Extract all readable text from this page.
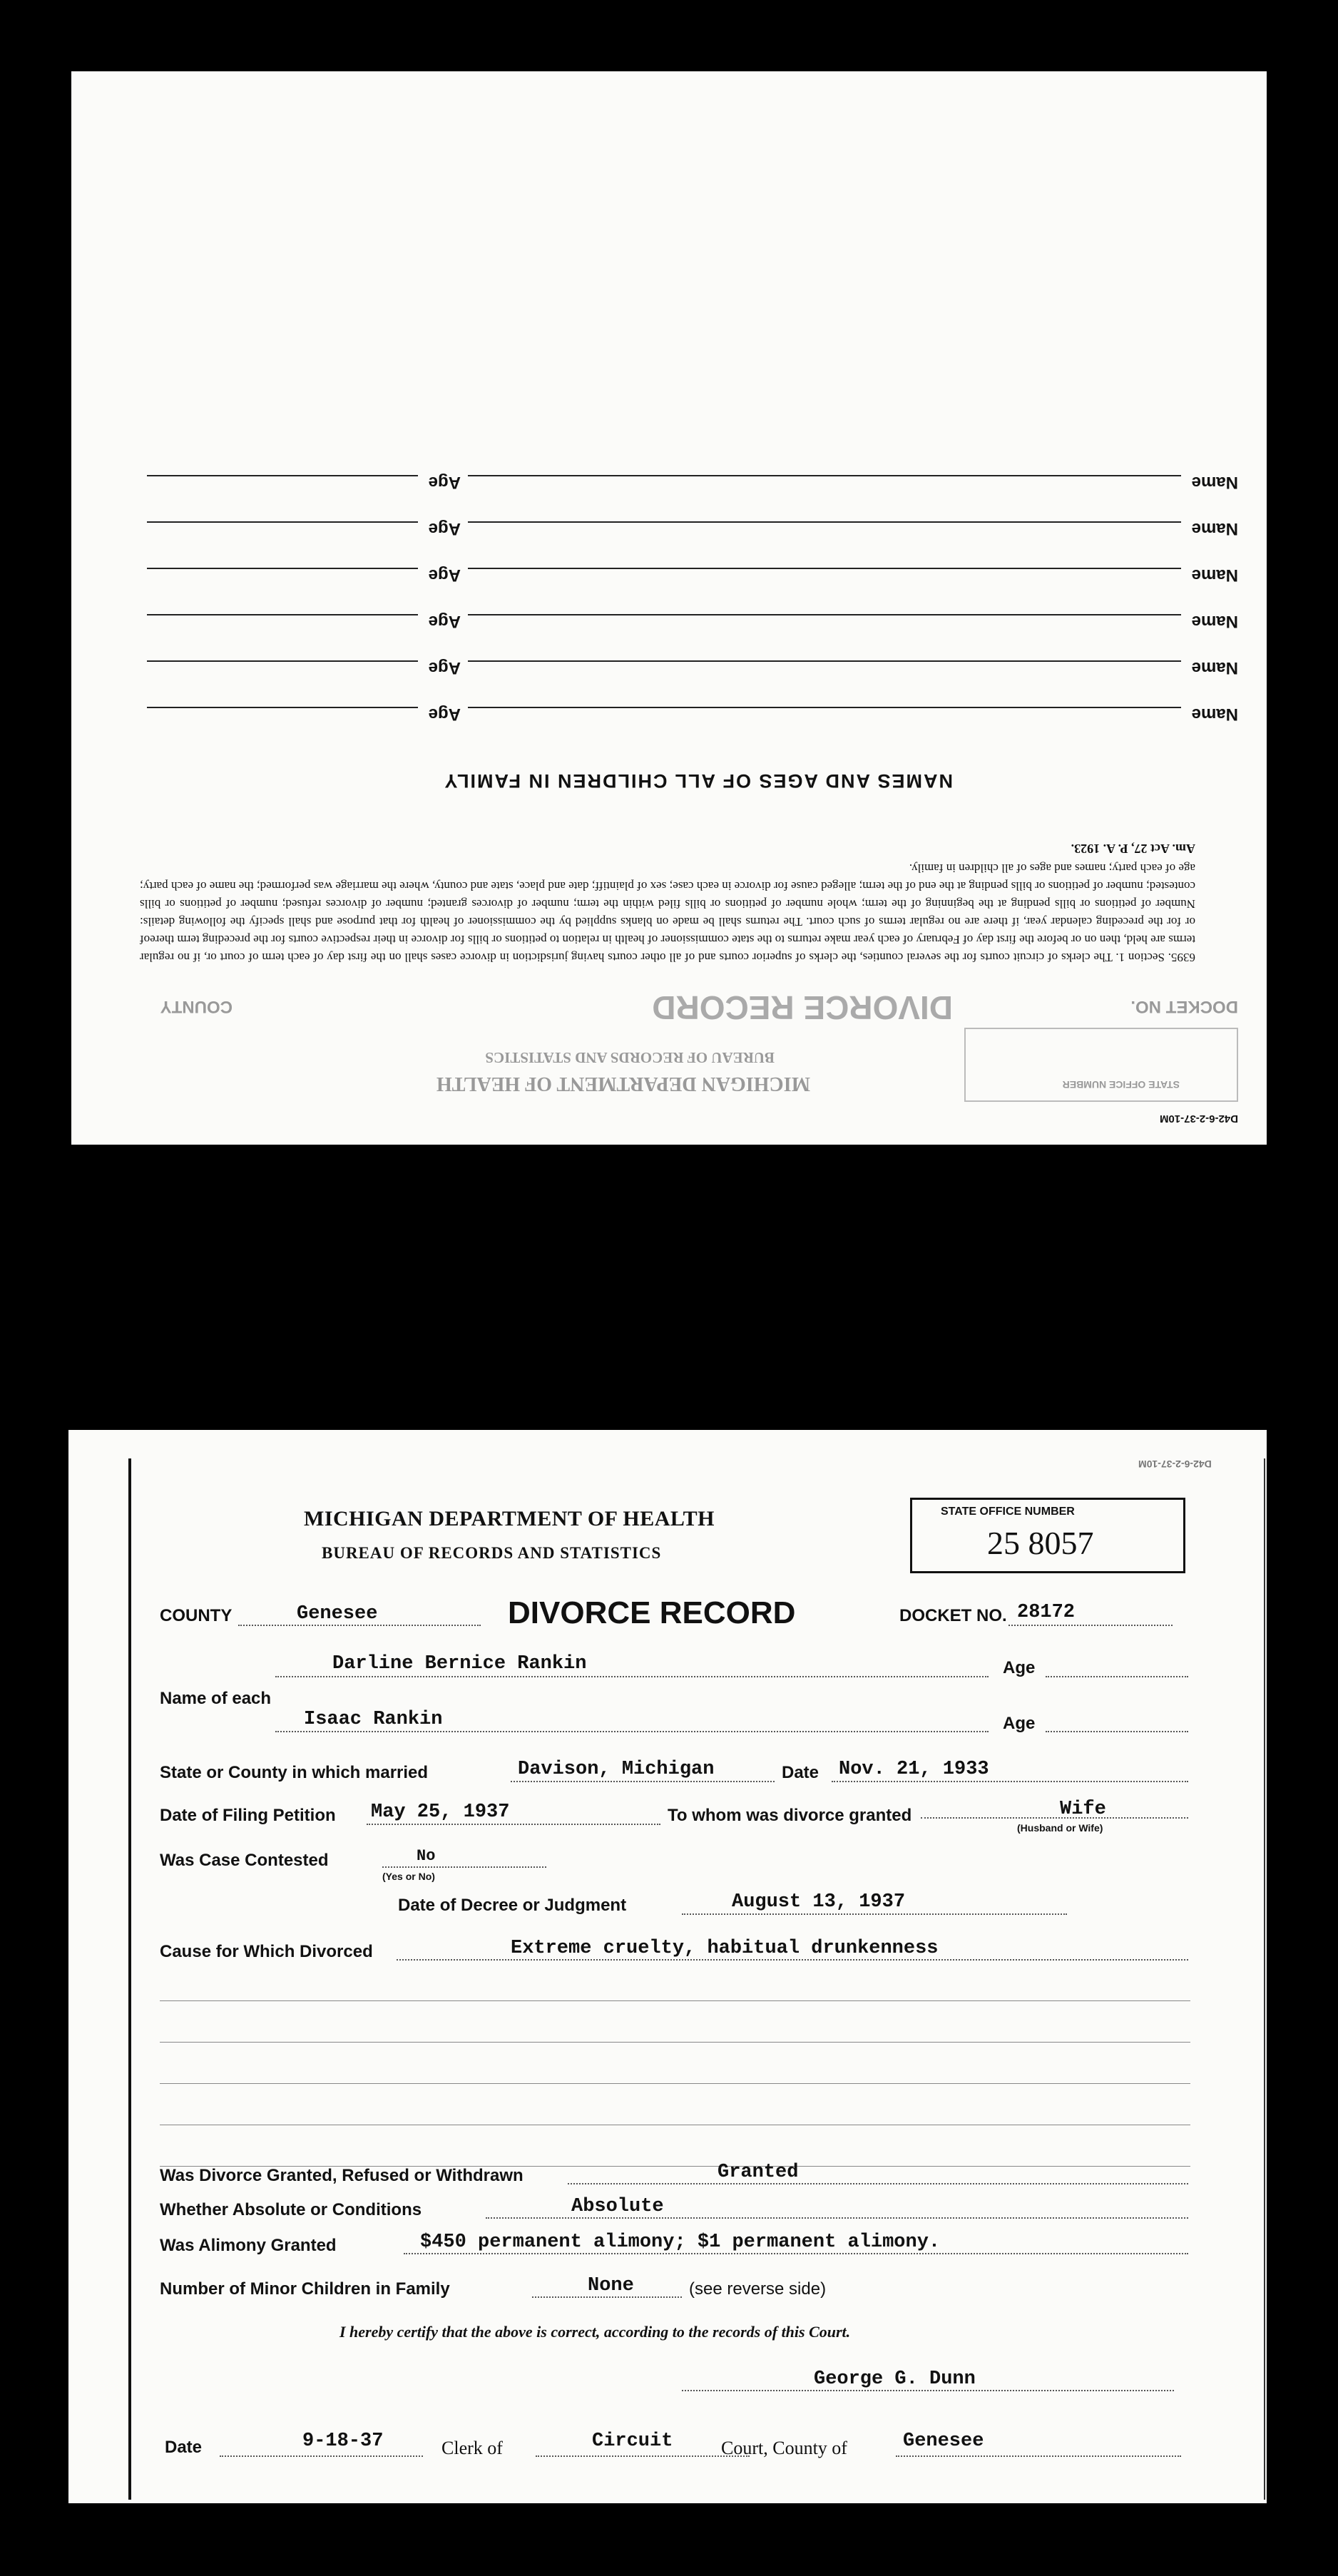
D42-6-2-37-10M
STATE OFFICE NUMBER
MICHIGAN DEPARTMENT OF HEALTH
BUREAU OF RECORDS AND STATISTICS
DOCKET NO.
DIVORCE RECORD
COUNTY
6395. Section 1. The clerks of circuit courts for the several counties, the clerks of superior courts and of all other courts having jurisdiction in divorce cases shall on the first day of each term of court or, if no regular terms are held, then on or before the first day of February of each year make returns to the state commissioner of health in relation to petitions or bills for divorce in their respective courts for the preceding term thereof or for the preceding calendar year, if there are no regular terms of such court. The returns shall be made on blanks supplied by the commissioner of health for that purpose and shall specify the following details: Number of petitions or bills pending at the beginning of the term; whole number of petitions or bills filed within the term; number of divorces granted; number of divorces refused; number of petitions or bills contested; number of petitions or bills pending at the end of the term; alleged cause for divorce in each case; sex of plaintiff; date and place, state and county, where the marriage was performed; the name of each party; age of each party; names and ages of all children in family.
Am. Act 27, P. A. 1923.
NAMES AND AGES OF ALL CHILDREN IN FAMILY
Name
Age
Name
Age
Name
Age
Name
Age
Name
Age
Name
Age
D42-6-2-37-10M
MICHIGAN DEPARTMENT OF HEALTH
BUREAU OF RECORDS AND STATISTICS
STATE OFFICE NUMBER
25 8057
COUNTY	Genesee	DIVORCE RECORD	DOCKET NO. 28172
Darline Bernice Rankin	Age
Name of each
Isaac Rankin	Age
State or County in which married	Davison, Michigan	Date Nov. 21, 1933
Date of Filing Petition May 25, 1937	To whom was divorce granted	Wife
(Husband or Wife)
Was Case Contested	No
(Yes or No)
Date of Decree or Judgment	August 13, 1937
Cause for Which Divorced	Extreme cruelty, habitual drunkenness
Was Divorce Granted, Refused or Withdrawn	Granted
Whether Absolute or Conditions	Absolute
Was Alimony Granted	$450 permanent alimony; $1 permanent alimony.
Number of Minor Children in Family	None	(see reverse side)
I hereby certify that the above is correct, according to the records of this Court.
George G. Dunn
Date	9-18-37	Clerk of	Circuit	Court, County of	Genesee
